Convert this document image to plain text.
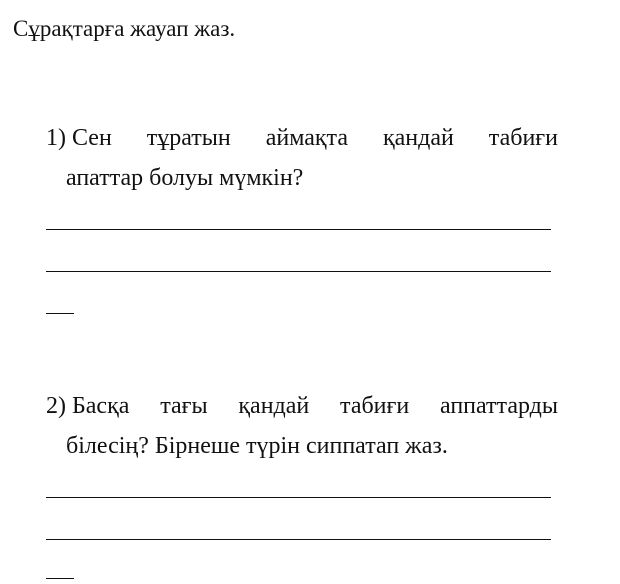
Сұрақтарға жауап жаз.
1) Сен тұратын аймақта қандай табиғи
апаттар болуы мүмкін?
2) Басқа тағы қандай табиғи аппаттарды
білесің? Бірнеше түрін сиппатап жаз.
